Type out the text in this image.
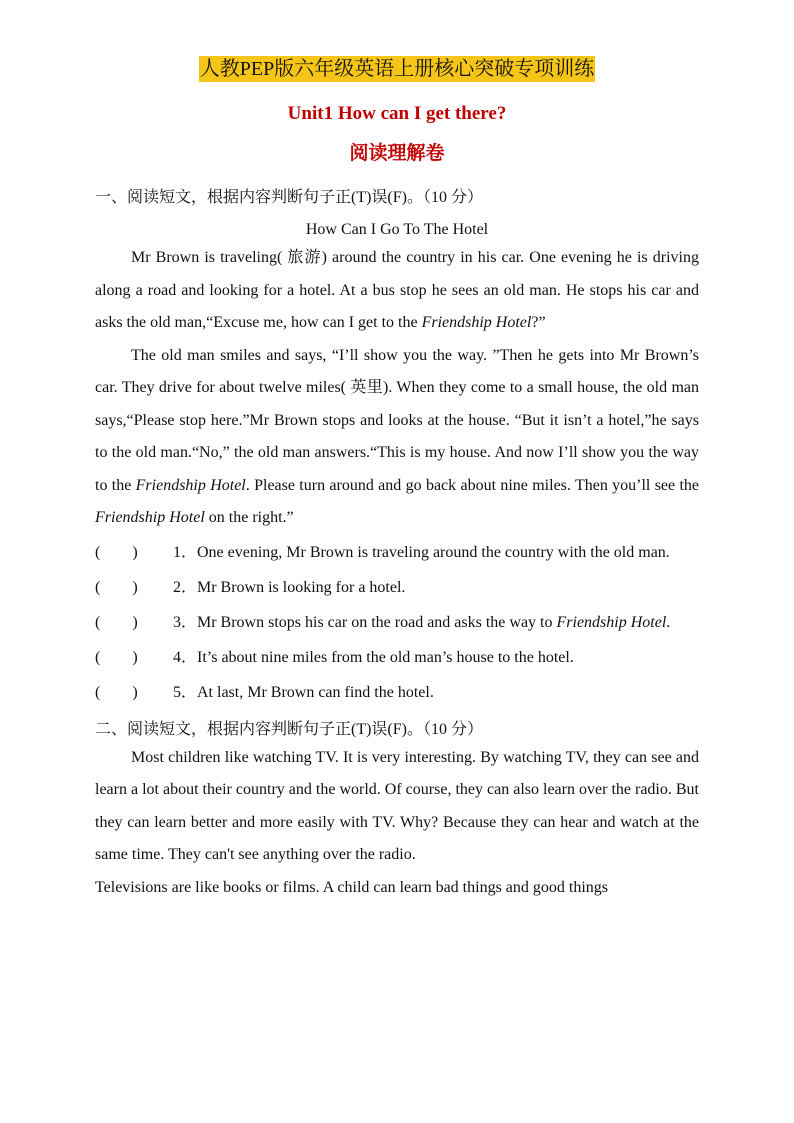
人教PEP版六年级英语上册核心突破专项训练
Unit1 How can I get there?
阅读理解卷
一、阅读短文，根据内容判断句子正(T)误(F)。（10 分）
How Can I Go To The Hotel

Mr Brown is traveling( 旅游) around the country in his car. One evening he is driving along a road and looking for a hotel. At a bus stop he sees an old man. He stops his car and asks the old man,“Excuse me, how can I get to the Friendship Hotel?”

The old man smiles and says, “I’ll show you the way. ”Then he gets into Mr Brown’s car. They drive for about twelve miles( 英里). When they come to a small house, the old man says,“Please stop here.”Mr Brown stops and looks at the house. “But it isn’t a hotel,”he says to the old man.“No,” the old man answers.“This is my house. And now I’ll show you the way to the Friendship Hotel. Please turn around and go back about nine miles. Then you’ll see the Friendship Hotel on the right.”

(　　) 1．One evening, Mr Brown is traveling around the country with the old man.

(　　) 2．Mr Brown is looking for a hotel.

(　　) 3．Mr Brown stops his car on the road and asks the way to Friendship Hotel.

(　　) 4．It’s about nine miles from the old man’s house to the hotel.

(　　) 5．At last, Mr Brown can find the hotel.

二、阅读短文，根据内容判断句子正(T)误(F)。（10 分）

Most children like watching TV. It is very interesting. By watching TV, they can see and learn a lot about their country and the world. Of course, they can also learn over the radio. But they can learn better and more easily with TV. Why? Because they can hear and watch at the same time. They can't see anything over the radio.

Televisions are like books or films. A child can learn bad things and good things
